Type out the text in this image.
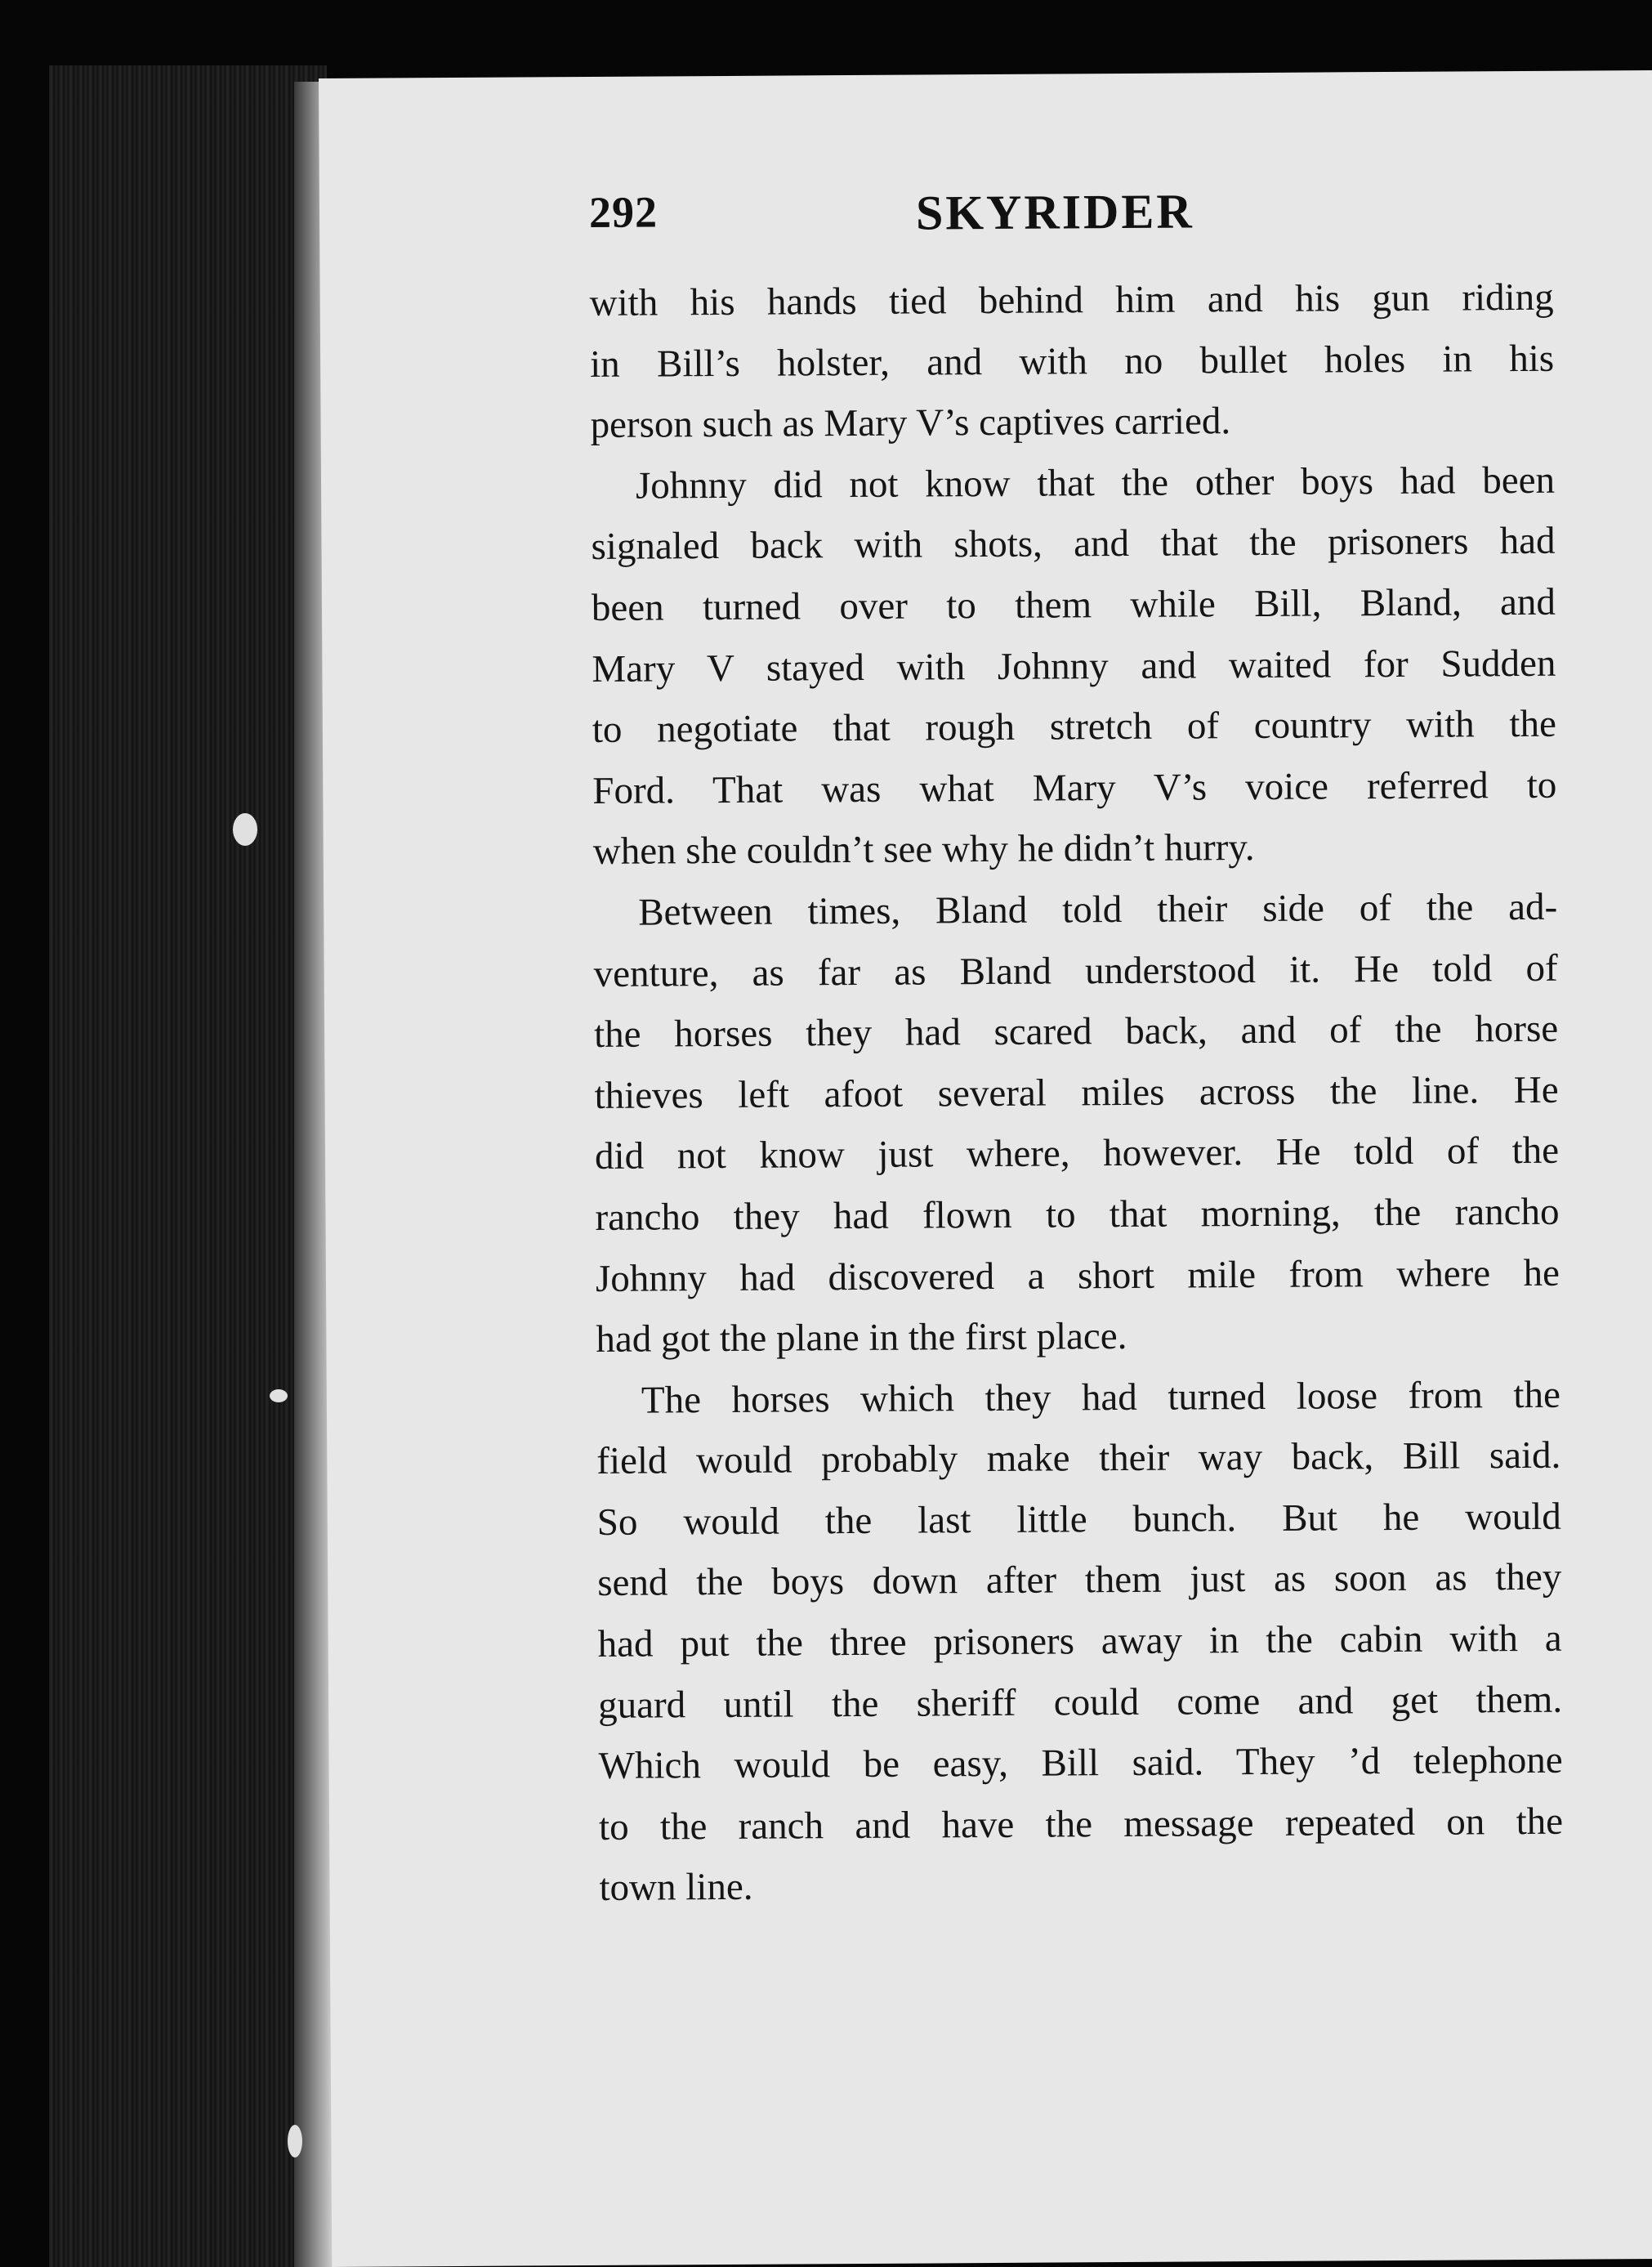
292	SKYRIDER
with his hands tied behind him and his gun riding
in Bill’s holster, and with no bullet holes in his
person such as Mary V’s captives carried.
Johnny did not know that the other boys had been
signaled back with shots, and that the prisoners had
been turned over to them while Bill, Bland, and
Mary V stayed with Johnny and waited for Sudden
to negotiate that rough stretch of country with the
Ford. That was what Mary V’s voice referred to
when she couldn’t see why he didn’t hurry.
Between times, Bland told their side of the ad-
venture, as far as Bland understood it. He told of
the horses they had scared back, and of the horse
thieves left afoot several miles across the line. He
did not know just where, however. He told of the
rancho they had flown to that morning, the rancho
Johnny had discovered a short mile from where he
had got the plane in the first place.
The horses which they had turned loose from the
field would probably make their way back, Bill said.
So would the last little bunch. But he would
send the boys down after them just as soon as they
had put the three prisoners away in the cabin with a
guard until the sheriff could come and get them.
Which would be easy, Bill said. They ’d telephone
to the ranch and have the message repeated on the
town line.
